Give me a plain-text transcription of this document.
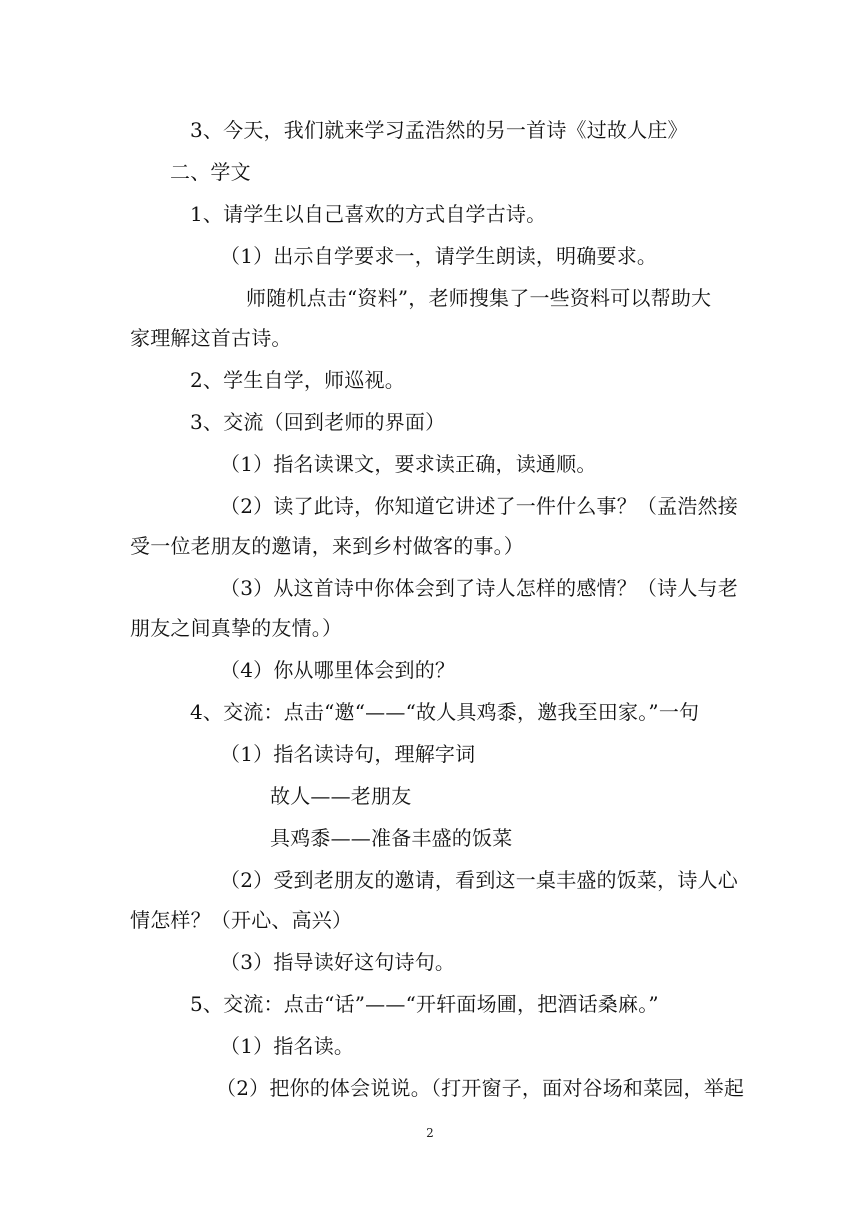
3、今天，我们就来学习孟浩然的另一首诗《过故人庄》
二、学文
1、请学生以自己喜欢的方式自学古诗。
（1）出示自学要求一，请学生朗读，明确要求。
师随机点击“资料”，老师搜集了一些资料可以帮助大
家理解这首古诗。
2、学生自学，师巡视。
3、交流（回到老师的界面）
（1）指名读课文，要求读正确，读通顺。
（2）读了此诗，你知道它讲述了一件什么事？（孟浩然接
受一位老朋友的邀请，来到乡村做客的事。）
（3）从这首诗中你体会到了诗人怎样的感情？（诗人与老
朋友之间真挚的友情。）
（4）你从哪里体会到的？
4、交流：点击“邀“——“故人具鸡黍，邀我至田家。”一句
（1）指名读诗句，理解字词
故人——老朋友
具鸡黍——准备丰盛的饭菜
（2）受到老朋友的邀请，看到这一桌丰盛的饭菜，诗人心
情怎样？（开心、高兴）
（3）指导读好这句诗句。
5、交流：点击“话”——“开轩面场圃，把酒话桑麻。”
（1）指名读。
（2）把你的体会说说。（打开窗子，面对谷场和菜园，举起
2
